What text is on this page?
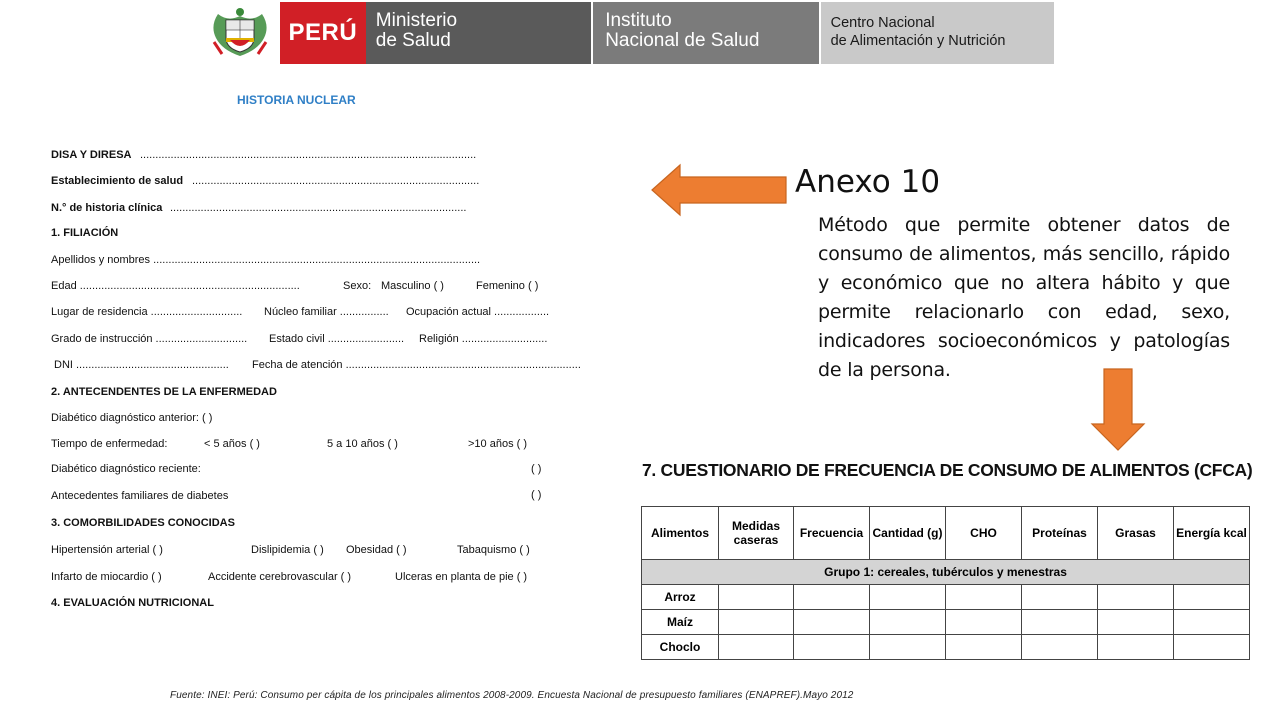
PERÚ Ministerio
de Salud
Instituto
Nacional de Salud
Centro Nacional
de Alimentación y Nutrición
HISTORIA NUCLEAR
DISA Y DIRESA ..............................................................................................................
Establecimiento de salud ..............................................................................................
N.° de historia clínica .................................................................................................
1. FILIACIÓN
Apellidos y nombres ...........................................................................................................
Edad ........................................................................	Sexo: Masculino ( )	Femenino ( )
Lugar de residencia .............................. Núcleo familiar ................ Ocupación actual ..................
Grado de instrucción .............................. Estado civil ......................... Religión ............................
DNI .................................................. Fecha de atención .............................................................................
2. ANTECENDENTES DE LA ENFERMEDAD
Diabético diagnóstico anterior: ( )
Tiempo de enfermedad:	< 5 años ( )	5 a 10 años ( )	>10 años ( )
Diabético diagnóstico reciente:	( )
Antecedentes familiares de diabetes	( )
3. COMORBILIDADES CONOCIDAS
Hipertensión arterial ( )	Dislipidemia ( ) Obesidad ( )	Tabaquismo ( )
Infarto de miocardio ( )	Accidente cerebrovascular ( )	Ulceras en planta de pie ( )
4. EVALUACIÓN NUTRICIONAL
Anexo 10
Método que permite obtener datos de consumo de alimentos, más sencillo, rápido y económico que no altera hábito y que permite relacionarlo con edad, sexo, indicadores socioeconómicos y patologías de la persona.
7. CUESTIONARIO DE FRECUENCIA DE CONSUMO DE ALIMENTOS (CFCA)
Alimentos	Medidas caseras	Frecuencia	Cantidad (g)	CHO	Proteínas	Grasas	Energía kcal
Grupo 1: cereales, tubérculos y menestras							
Arroz							
Maíz							
Choclo							
Fuente: INEI: Perú: Consumo per cápita de los principales alimentos 2008-2009. Encuesta Nacional de presupuesto familiares (ENAPREF).Mayo 2012
